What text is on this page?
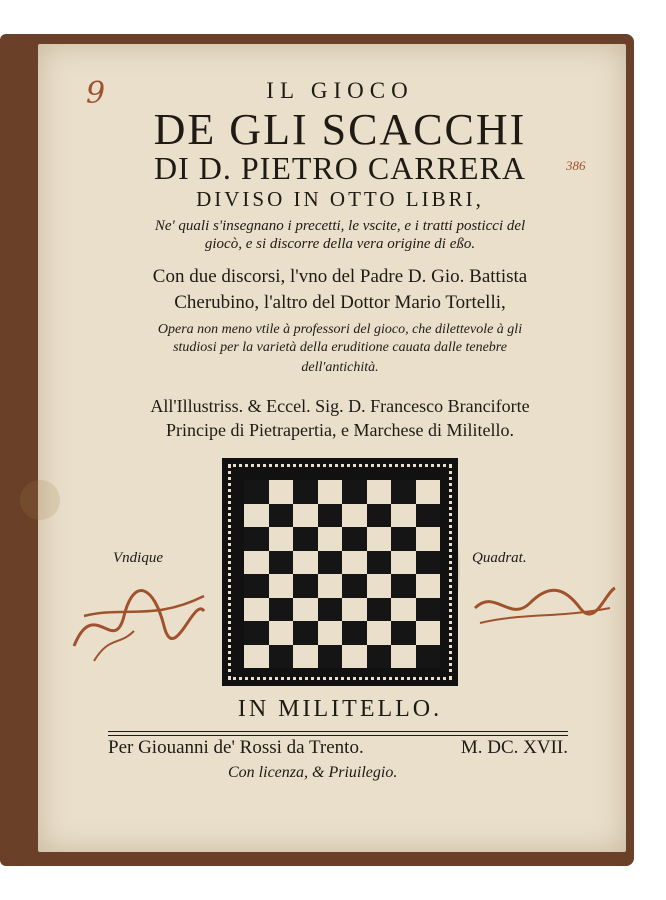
IL GIOCO
DE GLI SCACCHI
DI D. PIETRO CARRERA
DIVISO IN OTTO LIBRI,
Ne' quali s'insegnano i precetti, le vscite, e i tratti posticci del
giocò, e si discorre della vera origine di eßo.
Con due discorsi, l'vno del Padre D. Gio. Battista
Cherubino, l'altro del Dottor Mario Tortelli,
Opera non meno vtile à professori del gioco, che dilettevole à gli
studiosi per la varietà della eruditione cauata dalle tenebre
dell'antichità.
All'Illustriss. & Eccel. Sig. D. Francesco Branciforte
Principe di Pietrapertia, e Marchese di Militello.
IN MILITELLO.
Vndique	Quadrat.
Per Giouanni de' Rossi da Trento.	M. DC. XVII.
Con licenza, & Priuilegio.
9
386
